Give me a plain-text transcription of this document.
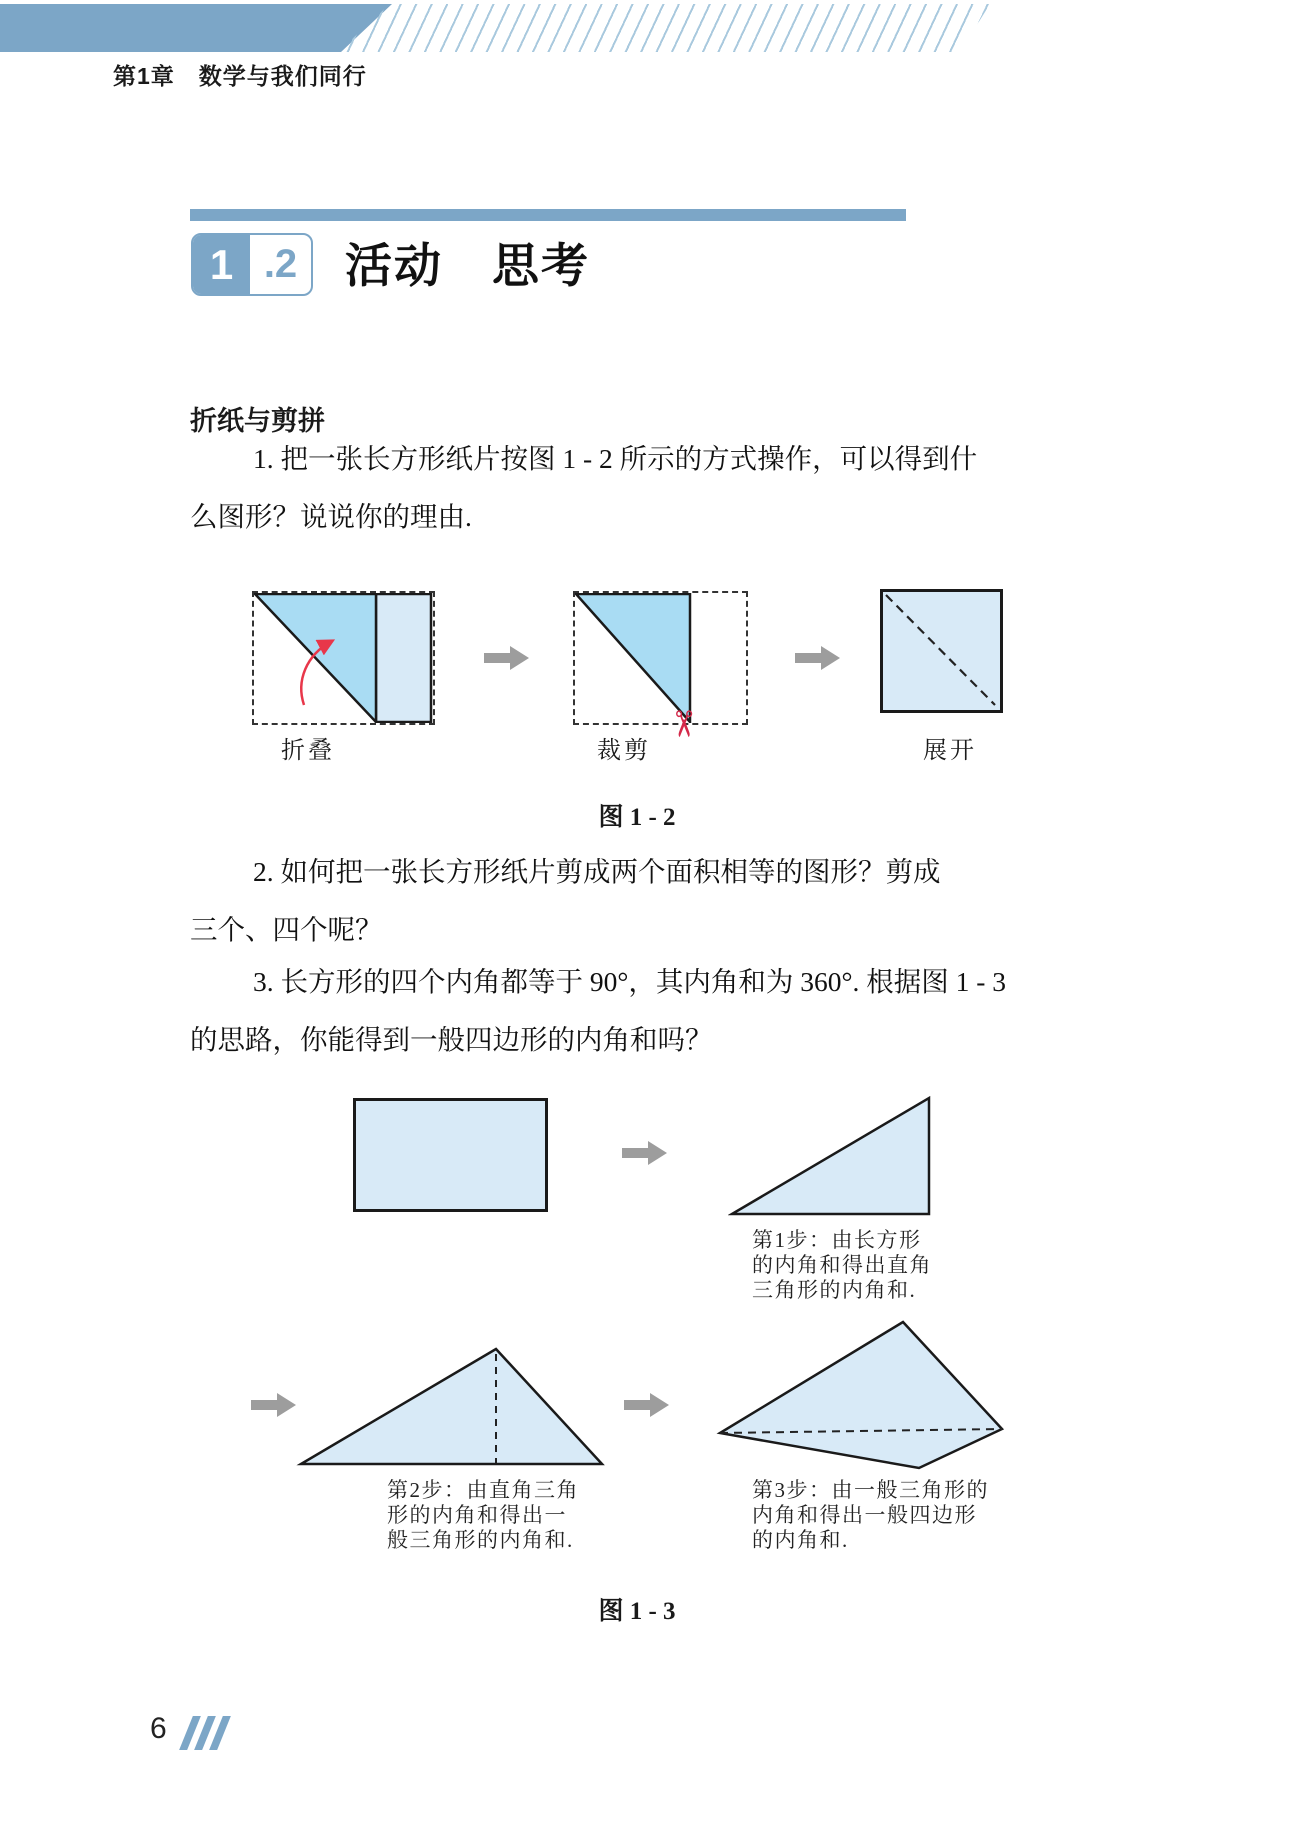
第1章　数学与我们同行
1 .2 活动　思考
折纸与剪拼
1. 把一张长方形纸片按图 1 - 2 所示的方式操作，可以得到什
么图形？说说你的理由.
✂
折叠	裁剪	展开
图 1 - 2
2. 如何把一张长方形纸片剪成两个面积相等的图形？剪成
三个、四个呢？
3. 长方形的四个内角都等于 90°，其内角和为 360°. 根据图 1 - 3
的思路，你能得到一般四边形的内角和吗？
第1步：由长方形
的内角和得出直角
三角形的内角和.
第2步：由直角三角
形的内角和得出一
般三角形的内角和.
第3步：由一般三角形的
内角和得出一般四边形
的内角和.
图 1 - 3
6
